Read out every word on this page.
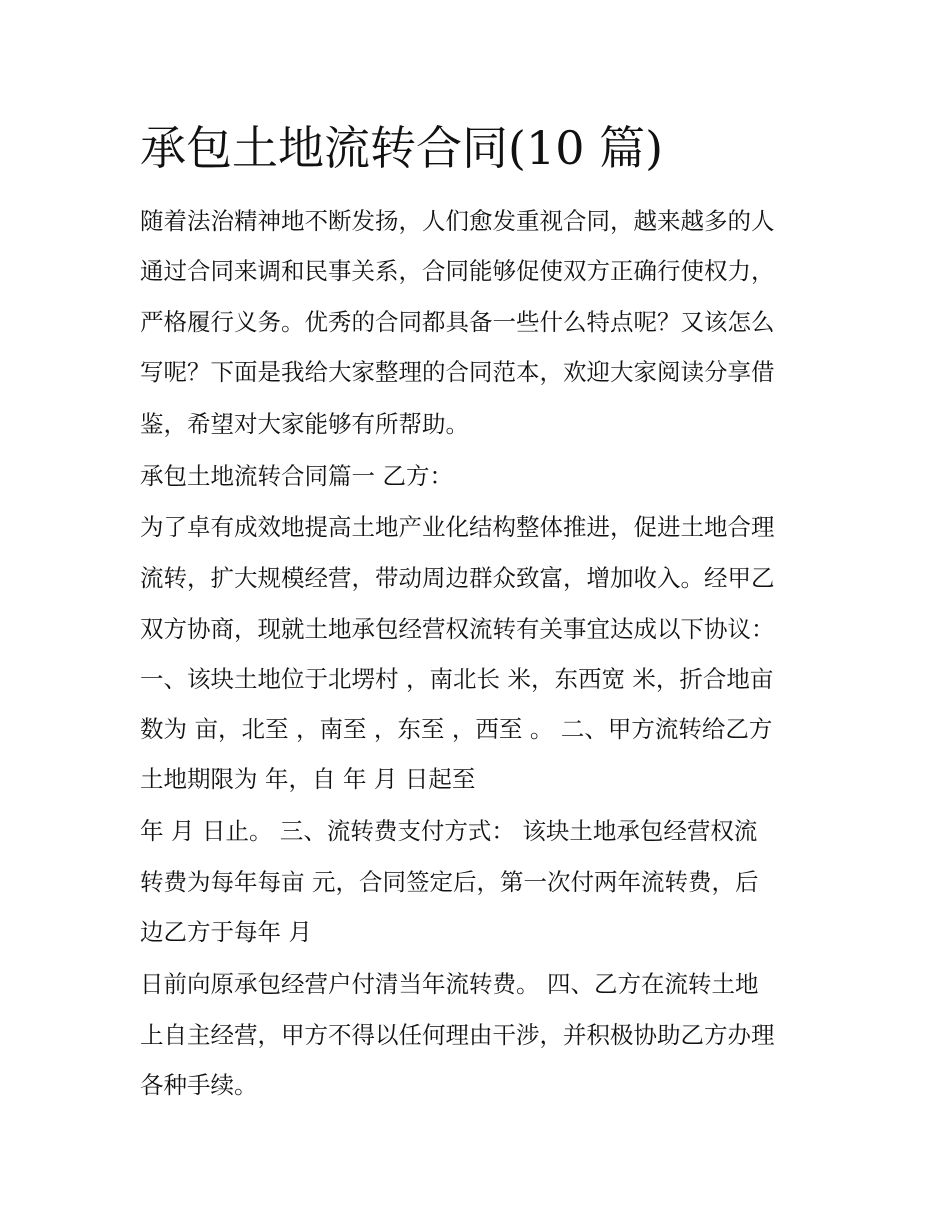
承包土地流转合同(10 篇)

随着法治精神地不断发扬，人们愈发重视合同，越来越多的人

通过合同来调和民事关系，合同能够促使双方正确行使权力，

严格履行义务。优秀的合同都具备一些什么特点呢？又该怎么

写呢？下面是我给大家整理的合同范本，欢迎大家阅读分享借

鉴，希望对大家能够有所帮助。

承包土地流转合同篇一 乙方：

为了卓有成效地提高土地产业化结构整体推进，促进土地合理

流转，扩大规模经营，带动周边群众致富，增加收入。经甲乙

双方协商，现就土地承包经营权流转有关事宜达成以下协议：

一、该块土地位于北塄村 ，南北长 米，东西宽 米，折合地亩

数为 亩，北至 ，南至 ，东至 ，西至 。 二、甲方流转给乙方

土地期限为 年，自 年 月 日起至

年 月 日止。 三、流转费支付方式： 该块土地承包经营权流

转费为每年每亩 元，合同签定后，第一次付两年流转费，后

边乙方于每年 月

日前向原承包经营户付清当年流转费。 四、乙方在流转土地

上自主经营，甲方不得以任何理由干涉，并积极协助乙方办理

各种手续。
